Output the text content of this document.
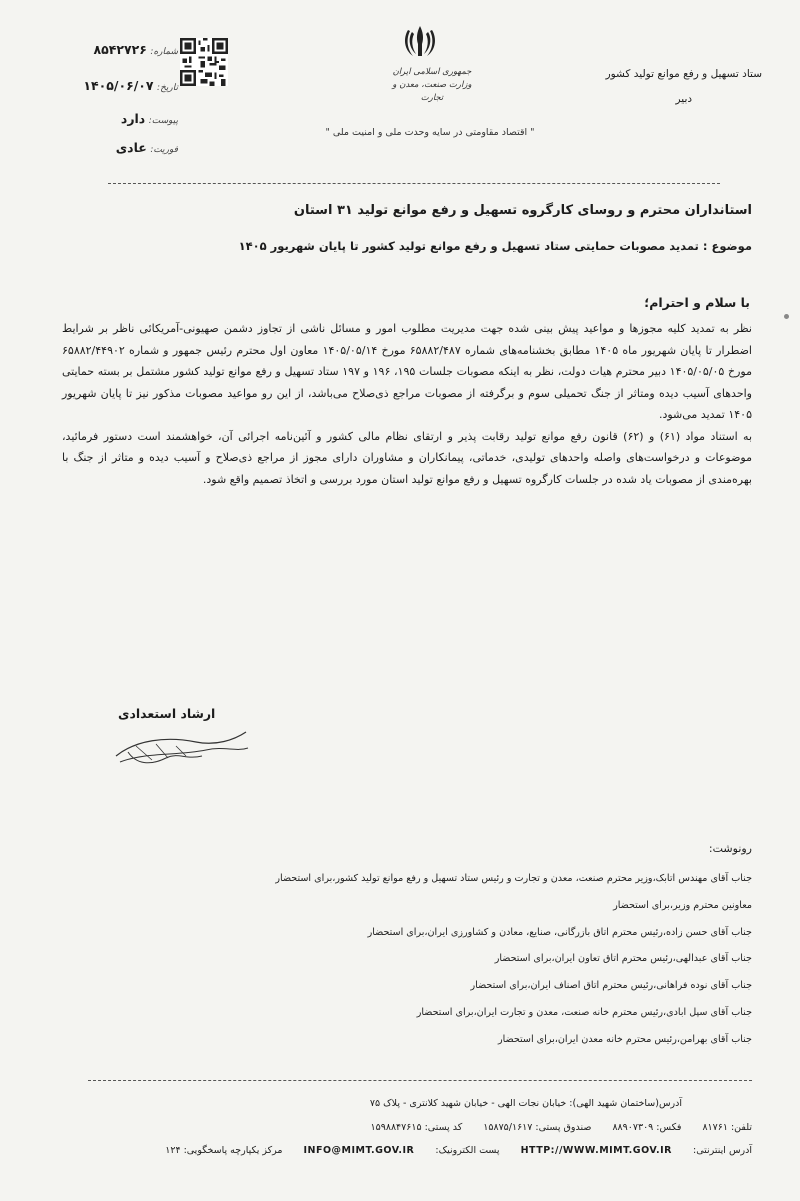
ستاد تسهیل و رفع موانع تولید کشور
دبیر
جمهوری اسلامی ایران
وزارت صنعت، معدن و تجارت
" اقتصاد مقاومتی در سایه وحدت ملی و امنیت ملی "
شماره: ۸۵۴۲۷۲۶
تاریخ: ۱۴۰۵/۰۶/۰۷
پیوست: دارد
فوریت: عادی
استانداران محترم و روسای کارگروه تسهیل و رفع موانع تولید ۳۱ استان
موضوع : تمدید مصوبات حمایتی ستاد تسهیل و رفع موانع تولید کشور تا پایان شهریور ۱۴۰۵
با سلام و احترام؛

نظر به تمدید کلیه مجوزها و مواعید پیش بینی شده جهت مدیریت مطلوب امور و مسائل ناشی از تجاوز دشمن صهیونی-آمریکائی ناظر بر شرایط اضطرار تا پایان شهریور ماه ۱۴۰۵ مطابق بخشنامه‌های شماره ۶۵۸۸۲/۴۸۷ مورخ ۱۴۰۵/۰۵/۱۴ معاون اول محترم رئیس جمهور و شماره ۶۵۸۸۲/۴۴۹۰۲ مورخ ۱۴۰۵/۰۵/۰۵ دبیر محترم هیات دولت، نظر به اینکه مصوبات جلسات ۱۹۵، ۱۹۶ و ۱۹۷ ستاد تسهیل و رفع موانع تولید کشور مشتمل بر بسته حمایتی واحدهای آسیب دیده ومتاثر از جنگ تحمیلی سوم و برگرفته از مصوبات مراجع ذی‌صلاح می‌باشد، از این رو مواعید مصوبات مذکور نیز تا پایان شهریور ۱۴۰۵ تمدید می‌شود.

به استناد مواد (۶۱) و (۶۲) قانون رفع موانع تولید رقابت پذیر و ارتقای نظام مالی کشور و آئین‌نامه اجرائی آن، خواهشمند است دستور فرمائید، موضوعات و درخواست‌های واصله واحدهای تولیدی، خدماتی، پیمانکاران و مشاوران دارای مجوز از مراجع ذی‌صلاح و آسیب دیده و متاثر از جنگ با بهره‌مندی از مصوبات یاد شده در جلسات کارگروه تسهیل و رفع موانع تولید استان مورد بررسی و اتخاذ تصمیم واقع شود.

ارشاد استعدادی
رونوشت:
جناب آقای مهندس اتابک،وزیر محترم صنعت، معدن و تجارت و رئیس ستاد تسهیل و رفع موانع تولید کشور،برای استحضار
معاونین محترم وزیر،برای استحضار
جناب آقای حسن زاده،رئیس محترم اتاق بازرگانی، صنایع، معادن و کشاورزی ایران،برای استحضار
جناب آقای عبدالهی،رئیس محترم اتاق تعاون ایران،برای استحضار
جناب آقای نوده فراهانی،رئیس محترم اتاق اصناف ایران،برای استحضار
جناب آقای سپل ابادی،رئیس محترم خانه صنعت، معدن و تجارت ایران،برای استحضار
جناب آقای بهرامن،رئیس محترم خانه معدن ایران،برای استحضار
آدرس(ساختمان شهید الهی): خیابان نجات الهی - خیابان شهید کلانتری - پلاک ۷۵
تلفن: ۸۱۷۶۱ فکس: ۸۸۹۰۷۳۰۹ صندوق پستی: ۱۵۸۷۵/۱۶۱۷ کد پستی: ۱۵۹۸۸۴۷۶۱۵
آدرس اینترنتی: HTTP://WWW.MIMT.GOV.IR پست الکترونیک: INFO@MIMT.GOV.IR مرکز یکپارچه پاسخگویی: ۱۲۴
